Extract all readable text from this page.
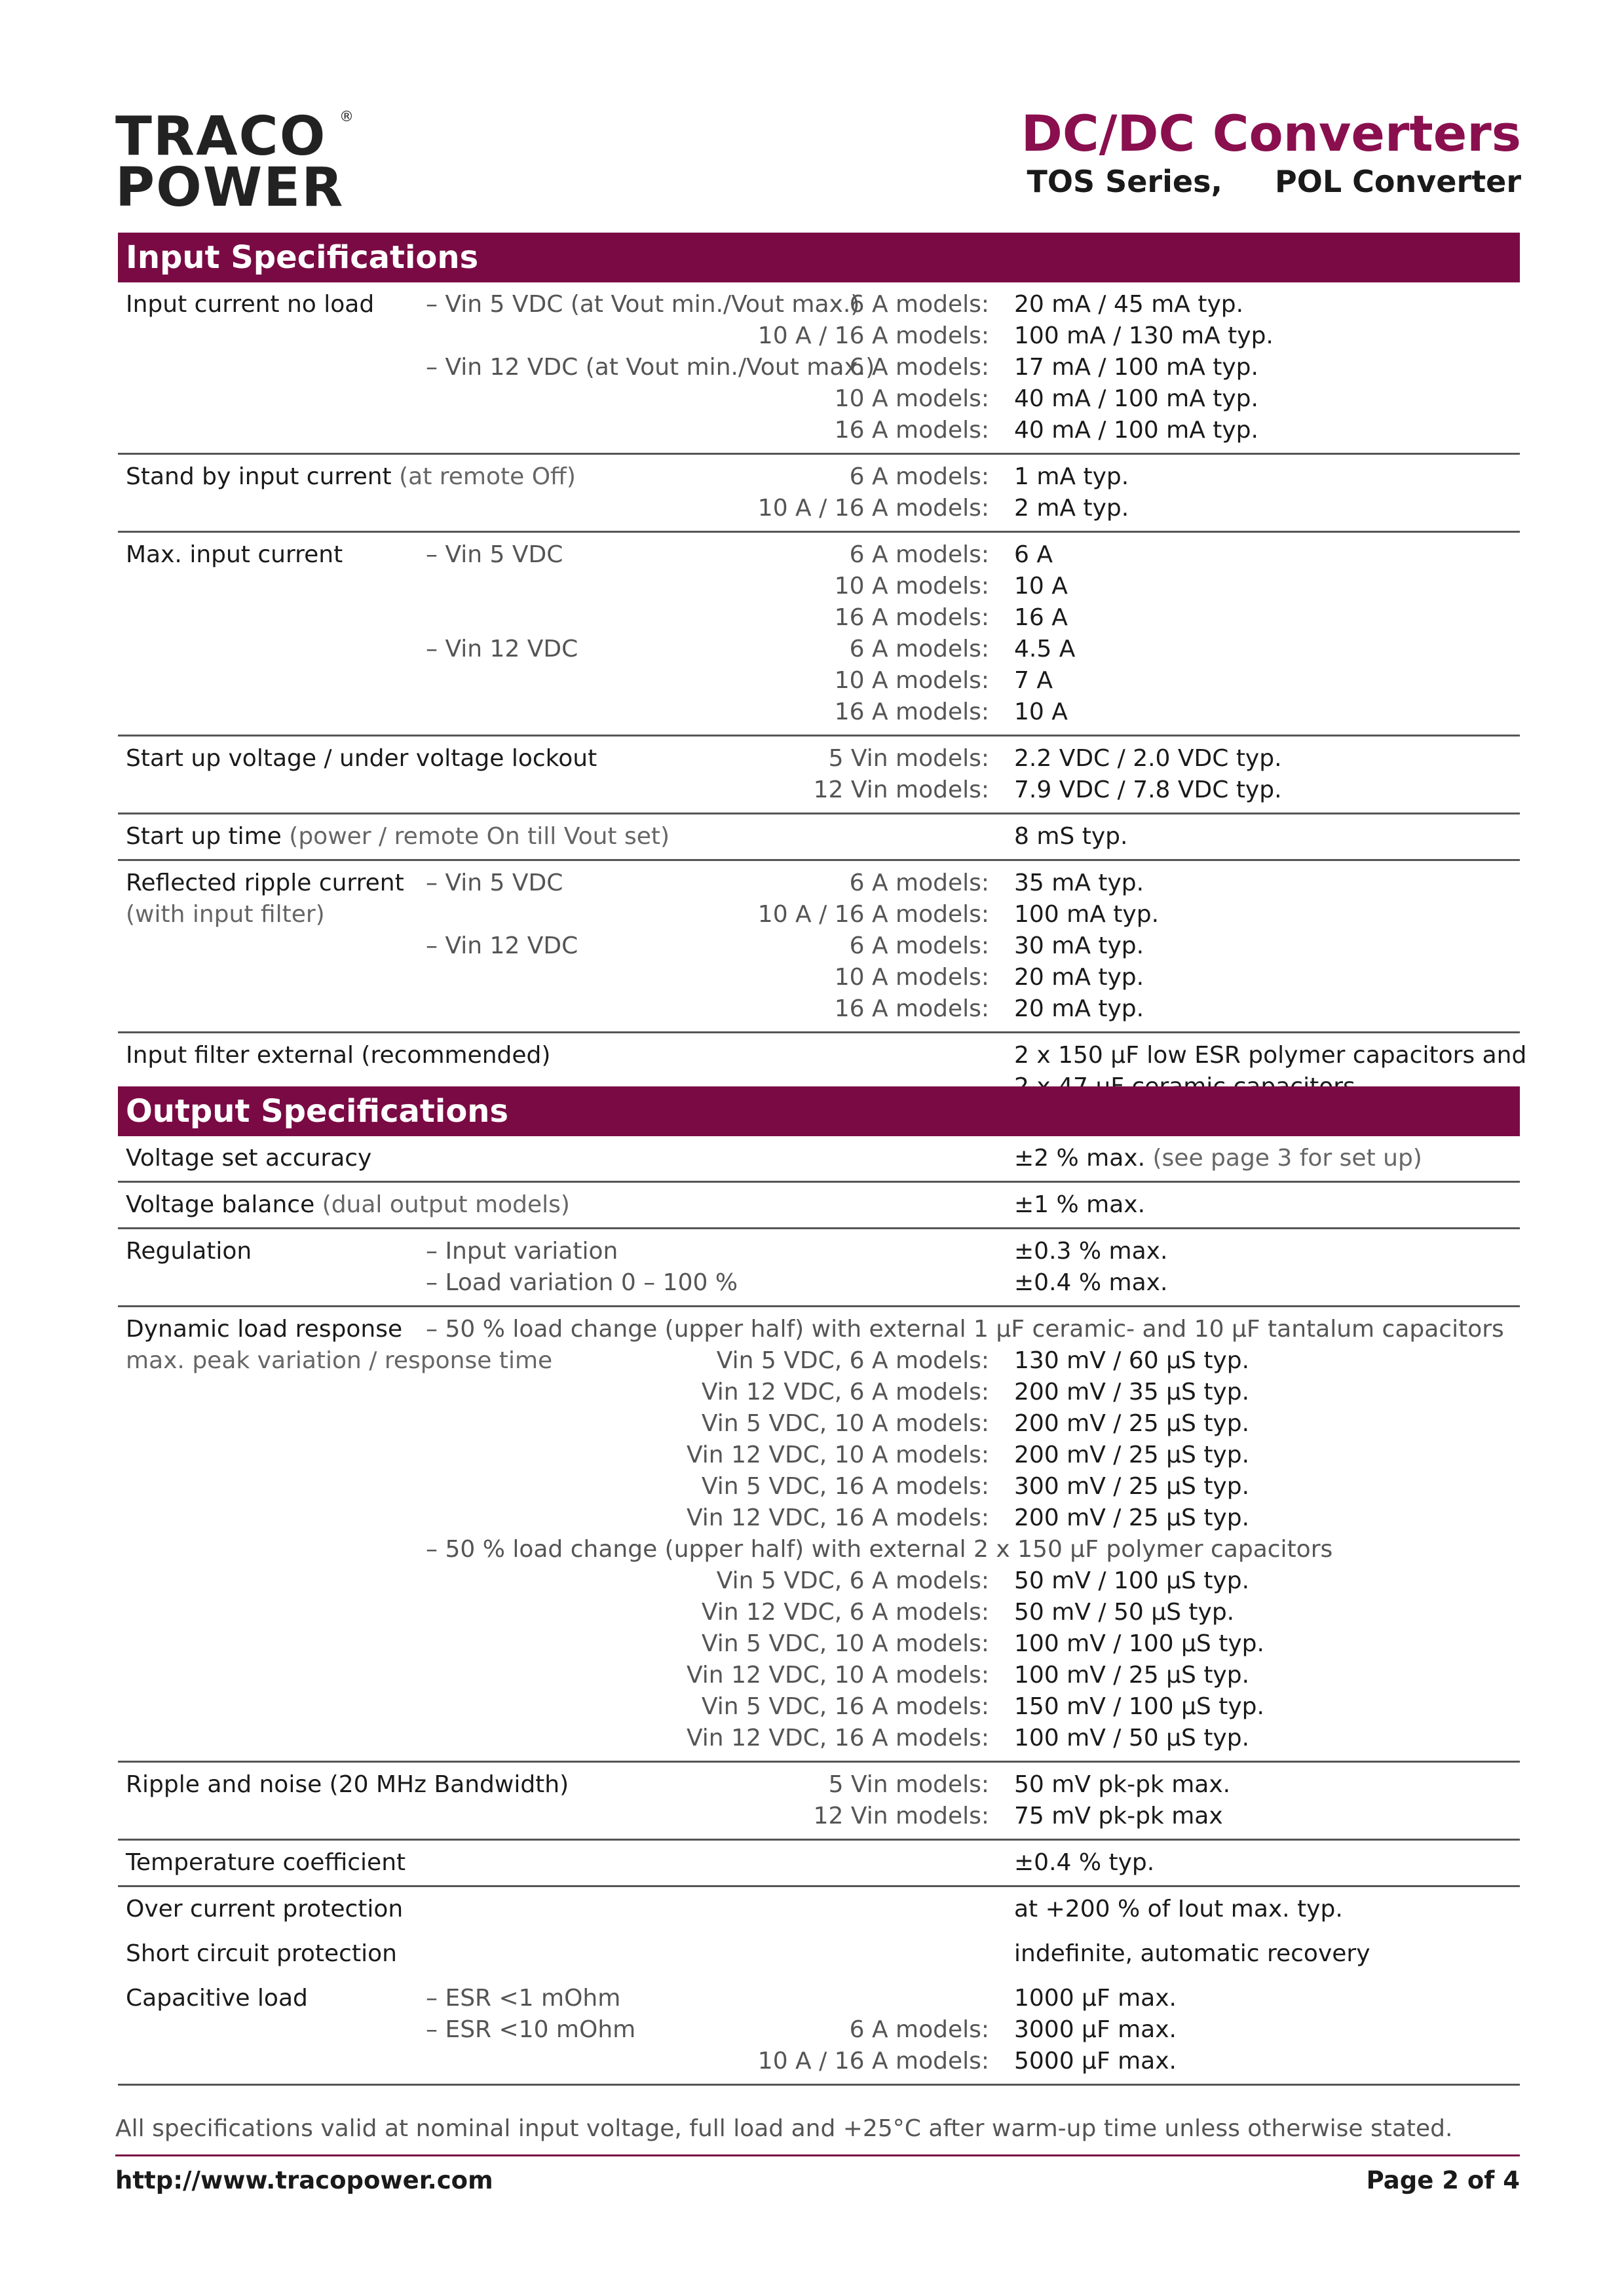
TRACO
POWER
®	DC/DC Converters
TOS Series,     POL Converter
Input Specifications
Input current no load – Vin 5 VDC (at Vout min./Vout max.)
6 A models: 20 mA / 45 mA typ.
10 A / 16 A models: 100 mA / 130 mA typ.
– Vin 12 VDC (at Vout min./Vout max.)
6 A models: 17 mA / 100 mA typ.
10 A models: 40 mA / 100 mA typ.
16 A models: 40 mA / 100 mA typ.
Stand by input current (at remote Off)	6 A models: 1 mA typ.
10 A / 16 A models: 2 mA typ.
Max. input current	– Vin 5 VDC	6 A models: 6 A
10 A models: 10 A
16 A models: 16 A
– Vin 12 VDC	6 A models: 4.5 A
10 A models: 7 A
16 A models: 10 A
Start up voltage / under voltage lockout	5 Vin models: 2.2 VDC / 2.0 VDC typ.
12 Vin models: 7.9 VDC / 7.8 VDC typ.
Start up time (power / remote On till Vout set)	8 mS typ.
Reflected ripple current – Vin 5 VDC	6 A models: 35 mA typ.
(with input filter)	10 A / 16 A models: 100 mA typ.
– Vin 12 VDC	6 A models: 30 mA typ.
10 A models: 20 mA typ.
16 A models: 20 mA typ.
Input filter external (recommended)	2 x 150 µF low ESR polymer capacitors and
Output Specifications
Voltage set accuracy	±2 % max. (see page 3 for set up)
Voltage balance (dual output models)	±1 % max.
Regulation	– Input variation	±0.3 % max.
– Load variation 0 – 100 %	±0.4 % max.
Dynamic load response – 50 % load change (upper half) with external 1 µF ceramic- and 10 µF tantalum capacitors
max. peak variation / response time	Vin 5 VDC, 6 A models: 130 mV / 60 µS typ.
Vin 12 VDC, 6 A models: 200 mV / 35 µS typ.
Vin 5 VDC, 10 A models: 200 mV / 25 µS typ.
Vin 12 VDC, 10 A models: 200 mV / 25 µS typ.
Vin 5 VDC, 16 A models: 300 mV / 25 µS typ.
Vin 12 VDC, 16 A models: 200 mV / 25 µS typ.
– 50 % load change (upper half) with external 2 x 150 µF polymer capacitors
Vin 5 VDC, 6 A models: 50 mV / 100 µS typ.
Vin 12 VDC, 6 A models: 50 mV / 50 µS typ.
Vin 5 VDC, 10 A models: 100 mV / 100 µS typ.
Vin 12 VDC, 10 A models: 100 mV / 25 µS typ.
Vin 5 VDC, 16 A models: 150 mV / 100 µS typ.
Vin 12 VDC, 16 A models: 100 mV / 50 µS typ.
Ripple and noise (20 MHz Bandwidth)	5 Vin models: 50 mV pk-pk max.
12 Vin models: 75 mV pk-pk max
Temperature coefficient	±0.4 % typ.
Over current protection	at +200 % of Iout max. typ.
Short circuit protection	indefinite, automatic recovery
Capacitive load	– ESR <1 mOhm	1000 µF max.
– ESR <10 mOhm	6 A models: 3000 µF max.
10 A / 16 A models: 5000 µF max.
All specifications valid at nominal input voltage, full load and +25°C after warm-up time unless otherwise stated.
http://www.tracopower.com	Page 2 of 4
